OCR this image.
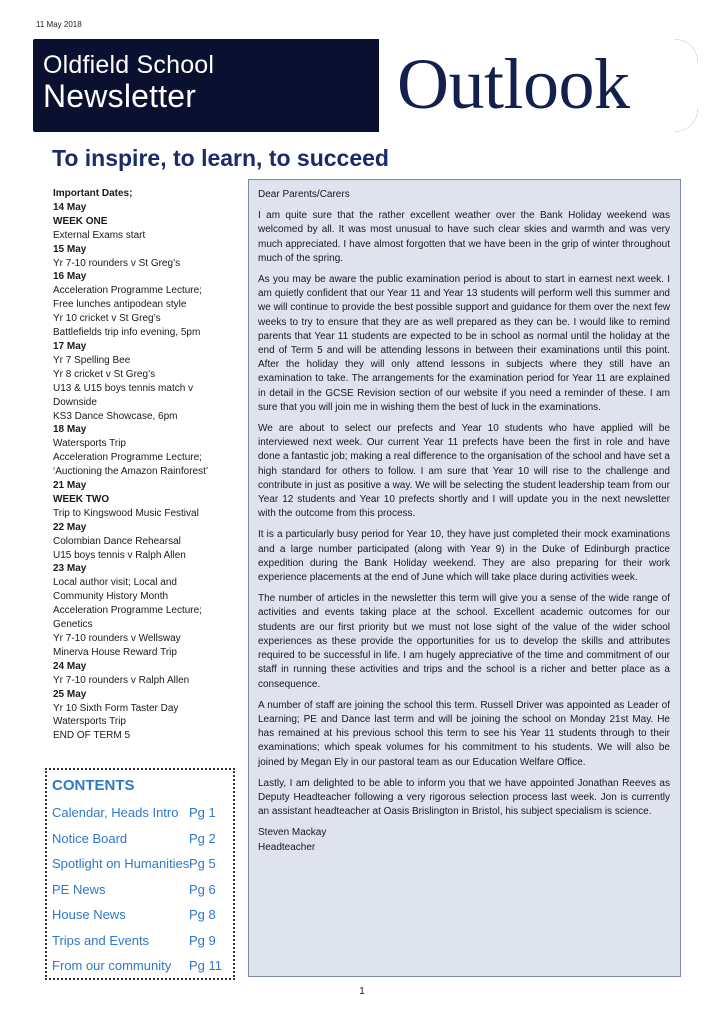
11 May 2018
Oldfield School
Newsletter	Outlook
To inspire, to learn, to succeed
Important Dates;
14 May
WEEK ONE
External Exams start
15 May
Yr 7-10 rounders v St Greg’s
16 May
Acceleration Programme Lecture;
Free lunches antipodean style
Yr 10 cricket v St Greg’s
Battlefields trip info evening, 5pm
17 May
Yr 7 Spelling Bee
Yr 8 cricket v St Greg’s
U13 & U15 boys tennis match v
Downside
KS3 Dance Showcase, 6pm
18 May
Watersports Trip
Acceleration Programme Lecture;
‘Auctioning the Amazon Rainforest’
21 May
WEEK TWO
Trip to Kingswood Music Festival
22 May
Colombian Dance Rehearsal
U15 boys tennis v Ralph Allen
23 May
Local author visit; Local and
Community History Month
Acceleration Programme Lecture;
Genetics
Yr 7-10 rounders v Wellsway
Minerva House Reward Trip
24 May
Yr 7-10 rounders v Ralph Allen
25 May
Yr 10 Sixth Form Taster Day
Watersports Trip
END OF TERM 5

Dear Parents/Carers

I am quite sure that the rather excellent weather over the Bank Holiday weekend was welcomed by all. It was most unusual to have such clear skies and warmth and was very much appreciated. I have almost forgotten that we have been in the grip of winter throughout much of the spring.

As you may be aware the public examination period is about to start in earnest next week. I am quietly confident that our Year 11 and Year 13 students will perform well this summer and we will continue to provide the best possible support and guidance for them over the next few weeks to try to ensure that they are as well prepared as they can be. I would like to remind parents that Year 11 students are expected to be in school as normal until the holiday at the end of Term 5 and will be attending lessons in between their examinations until this point. After the holiday they will only attend lessons in subjects where they still have an examination to take. The arrangements for the examination period for Year 11 are explained in detail in the GCSE Revision section of our website if you need a reminder of these. I am sure that you will join me in wishing them the best of luck in the examinations.

We are about to select our prefects and Year 10 students who have applied will be interviewed next week. Our current Year 11 prefects have been the first in role and have done a fantastic job; making a real difference to the organisation of the school and have set a high standard for others to follow. I am sure that Year 10 will rise to the challenge and contribute in just as positive a way. We will be selecting the student leadership team from our Year 12 students and Year 10 prefects shortly and I will update you in the next newsletter with the outcome from this process.

It is a particularly busy period for Year 10, they have just completed their mock examinations and a large number participated (along with Year 9) in the Duke of Edinburgh practice expedition during the Bank Holiday weekend. They are also preparing for their work experience placements at the end of June which will take place during activities week.

The number of articles in the newsletter this term will give you a sense of the wide range of activities and events taking place at the school. Excellent academic outcomes for our students are our first priority but we must not lose sight of the value of the wider school experiences as these provide the opportunities for us to develop the skills and attributes required to be successful in life. I am hugely appreciative of the time and commitment of our staff in running these activities and trips and the school is a richer and better place as a consequence.

A number of staff are joining the school this term. Russell Driver was appointed as Leader of Learning; PE and Dance last term and will be joining the school on Monday 21st May. He has remained at his previous school this term to see his Year 11 students through to their examinations; which speak volumes for his commitment to his students. We will also be joined by Megan Ely in our pastoral team as our Education Welfare Office.

Lastly, I am delighted to be able to inform you that we have appointed Jonathan Reeves as Deputy Headteacher following a very rigorous selection process last week. Jon is currently an assistant headteacher at Oasis Brislington in Bristol, his subject specialism is science.

Steven Mackay
Headteacher
CONTENTS
Calendar, Heads Intro Pg 1
Notice Board	Pg 2
Spotlight on Humanities Pg 5
PE News	Pg 6
House News	Pg 8
Trips and Events	Pg 9
From our community	Pg 11
1
